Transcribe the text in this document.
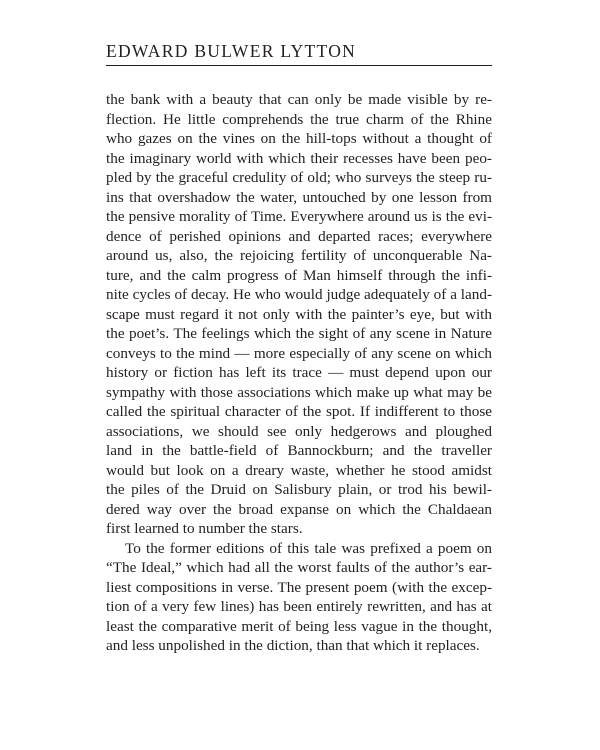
EDWARD BULWER LYTTON
the bank with a beauty that can only be made visible by re-
flection. He little comprehends the true charm of the Rhine
who gazes on the vines on the hill-tops without a thought of
the imaginary world with which their recesses have been peo-
pled by the graceful credulity of old; who surveys the steep ru-
ins that overshadow the water, untouched by one lesson from
the pensive morality of Time. Everywhere around us is the evi-
dence of perished opinions and departed races; everywhere
around us, also, the rejoicing fertility of unconquerable Na-
ture, and the calm progress of Man himself through the infi-
nite cycles of decay. He who would judge adequately of a land-
scape must regard it not only with the painter’s eye, but with
the poet’s. The feelings which the sight of any scene in Nature
conveys to the mind — more especially of any scene on which
history or fiction has left its trace — must depend upon our
sympathy with those associations which make up what may be
called the spiritual character of the spot. If indifferent to those
associations, we should see only hedgerows and ploughed
land in the battle-field of Bannockburn; and the traveller
would but look on a dreary waste, whether he stood amidst
the piles of the Druid on Salisbury plain, or trod his bewil-
dered way over the broad expanse on which the Chaldaean
first learned to number the stars.
To the former editions of this tale was prefixed a poem on
“The Ideal,” which had all the worst faults of the author’s ear-
liest compositions in verse. The present poem (with the excep-
tion of a very few lines) has been entirely rewritten, and has at
least the comparative merit of being less vague in the thought,
and less unpolished in the diction, than that which it replaces.
